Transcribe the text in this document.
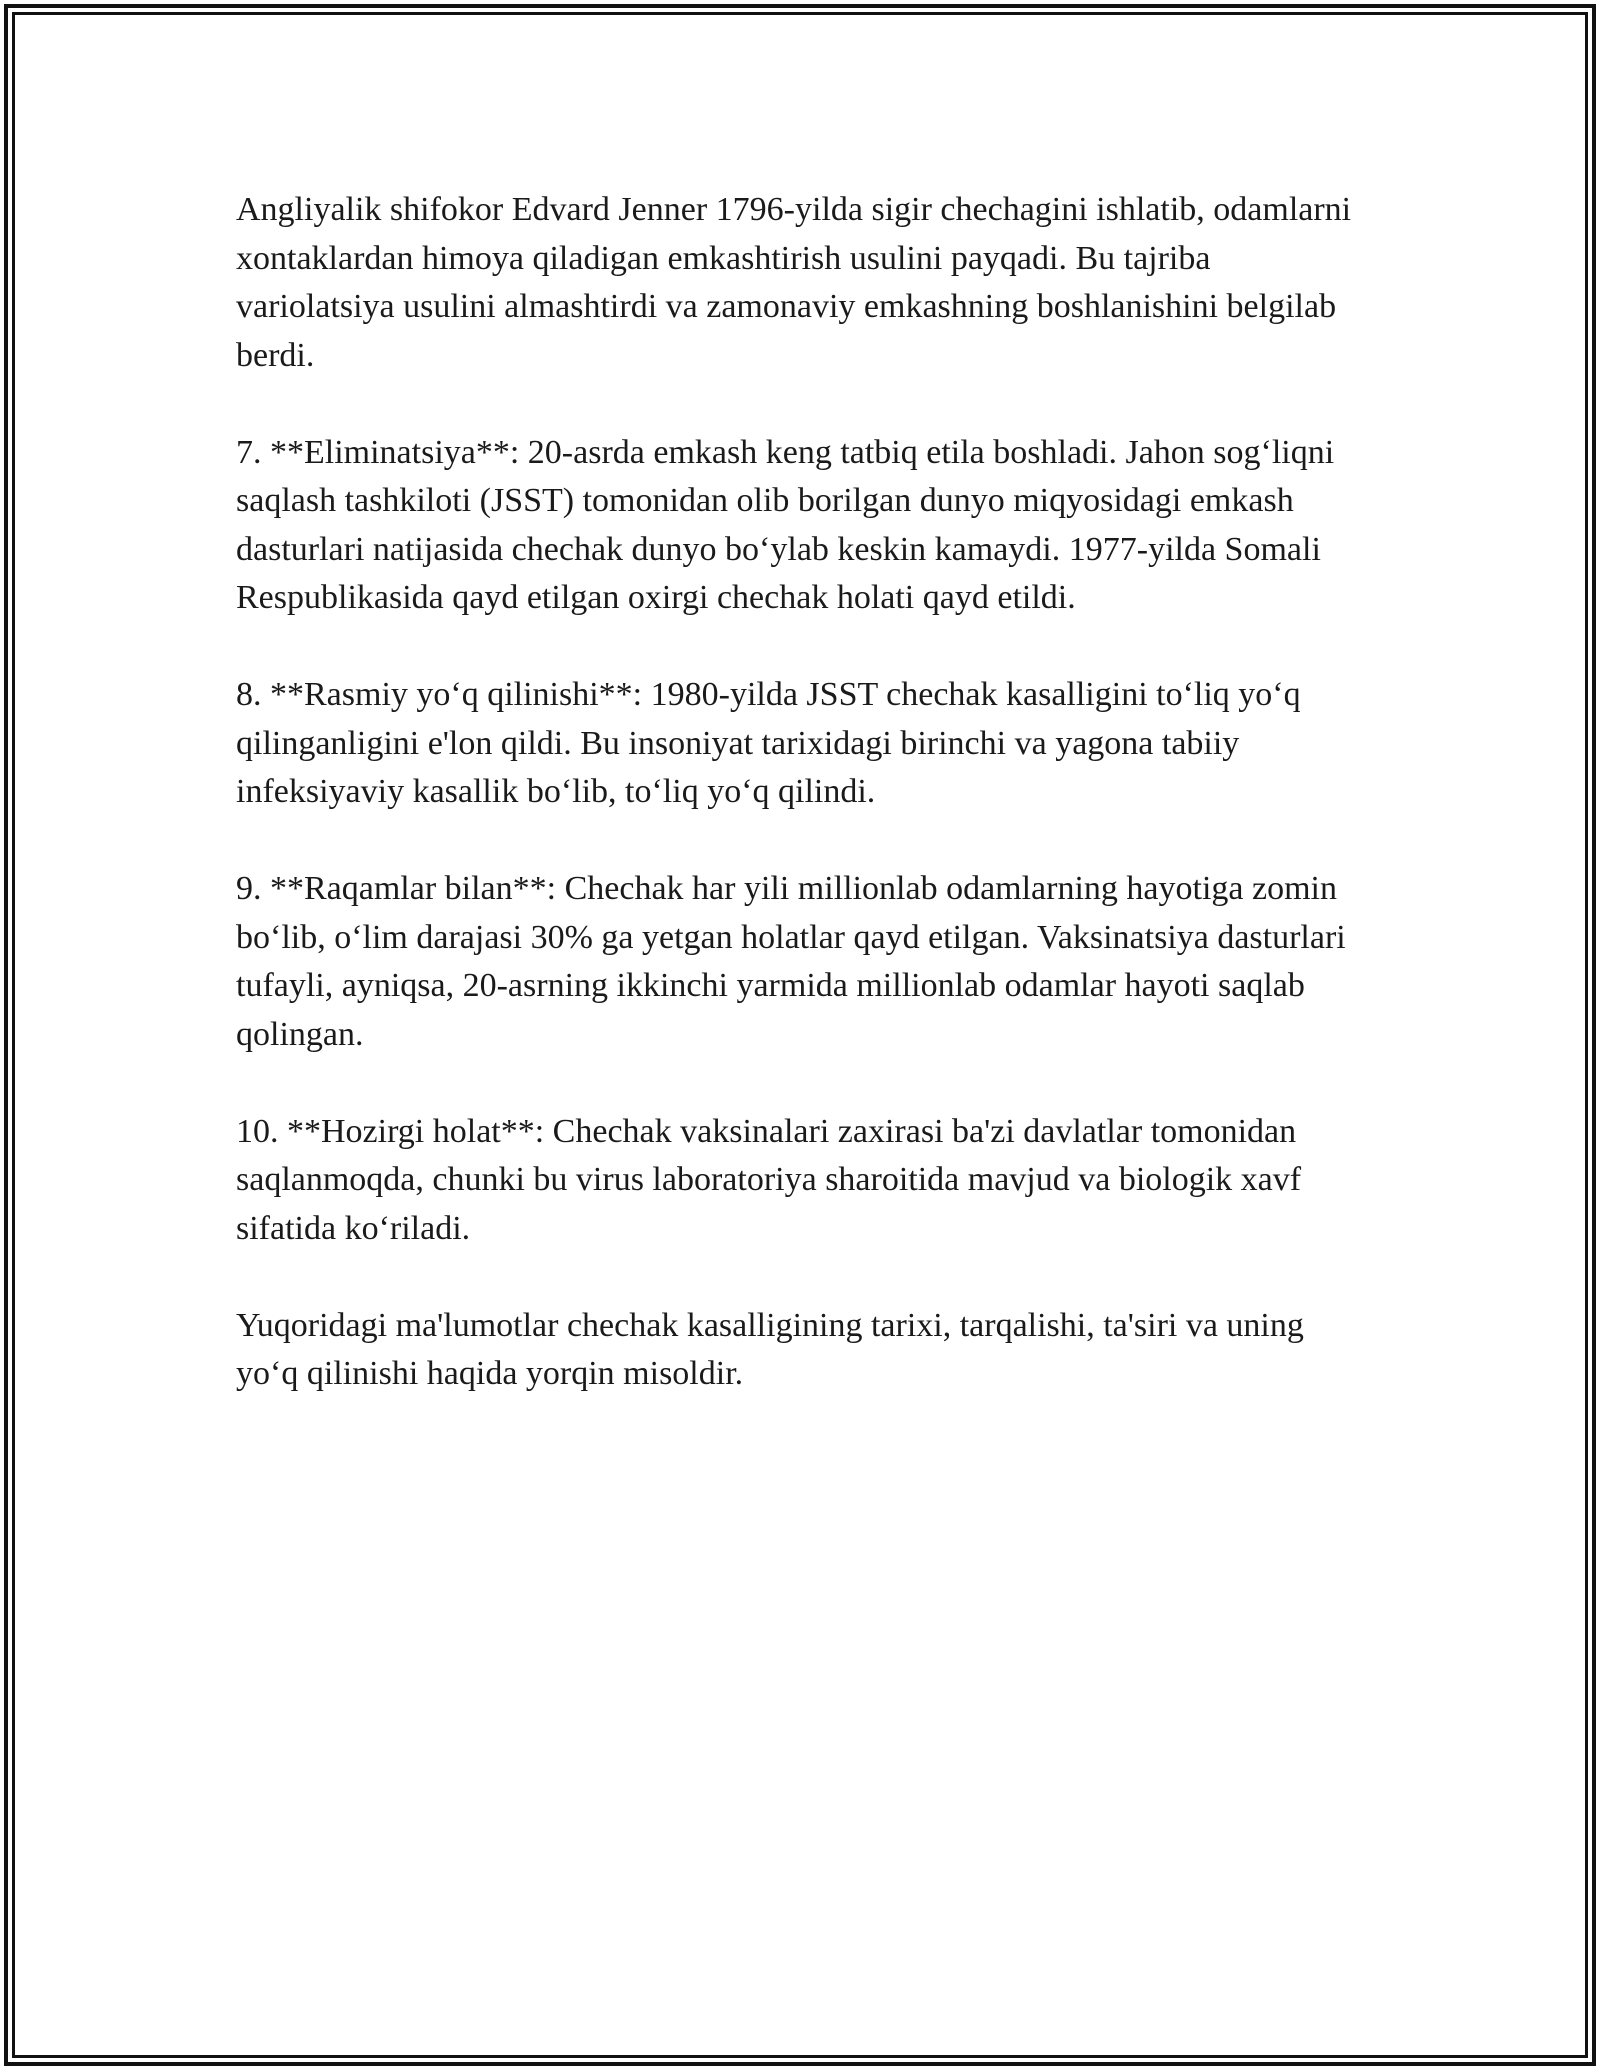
Angliyalik shifokor Edvard Jenner 1796-yilda sigir chechagini ishlatib, odamlarni xontaklardan himoya qiladigan emkashtirish usulini payqadi. Bu tajriba variolatsiya usulini almashtirdi va zamonaviy emkashning boshlanishini belgilab berdi.

7. **Eliminatsiya**: 20-asrda emkash keng tatbiq etila boshladi. Jahon sog‘liqni saqlash tashkiloti (JSST) tomonidan olib borilgan dunyo miqyosidagi emkash dasturlari natijasida chechak dunyo bo‘ylab keskin kamaydi. 1977-yilda Somali Respublikasida qayd etilgan oxirgi chechak holati qayd etildi.

8. **Rasmiy yo‘q qilinishi**: 1980-yilda JSST chechak kasalligini to‘liq yo‘q qilinganligini e'lon qildi. Bu insoniyat tarixidagi birinchi va yagona tabiiy infeksiyaviy kasallik bo‘lib, to‘liq yo‘q qilindi.

9. **Raqamlar bilan**: Chechak har yili millionlab odamlarning hayotiga zomin bo‘lib, o‘lim darajasi 30% ga yetgan holatlar qayd etilgan. Vaksinatsiya dasturlari tufayli, ayniqsa, 20-asrning ikkinchi yarmida millionlab odamlar hayoti saqlab qolingan.

10. **Hozirgi holat**: Chechak vaksinalari zaxirasi ba'zi davlatlar tomonidan saqlanmoqda, chunki bu virus laboratoriya sharoitida mavjud va biologik xavf sifatida ko‘riladi.

Yuqoridagi ma'lumotlar chechak kasalligining tarixi, tarqalishi, ta'siri va uning yo‘q qilinishi haqida yorqin misoldir.
